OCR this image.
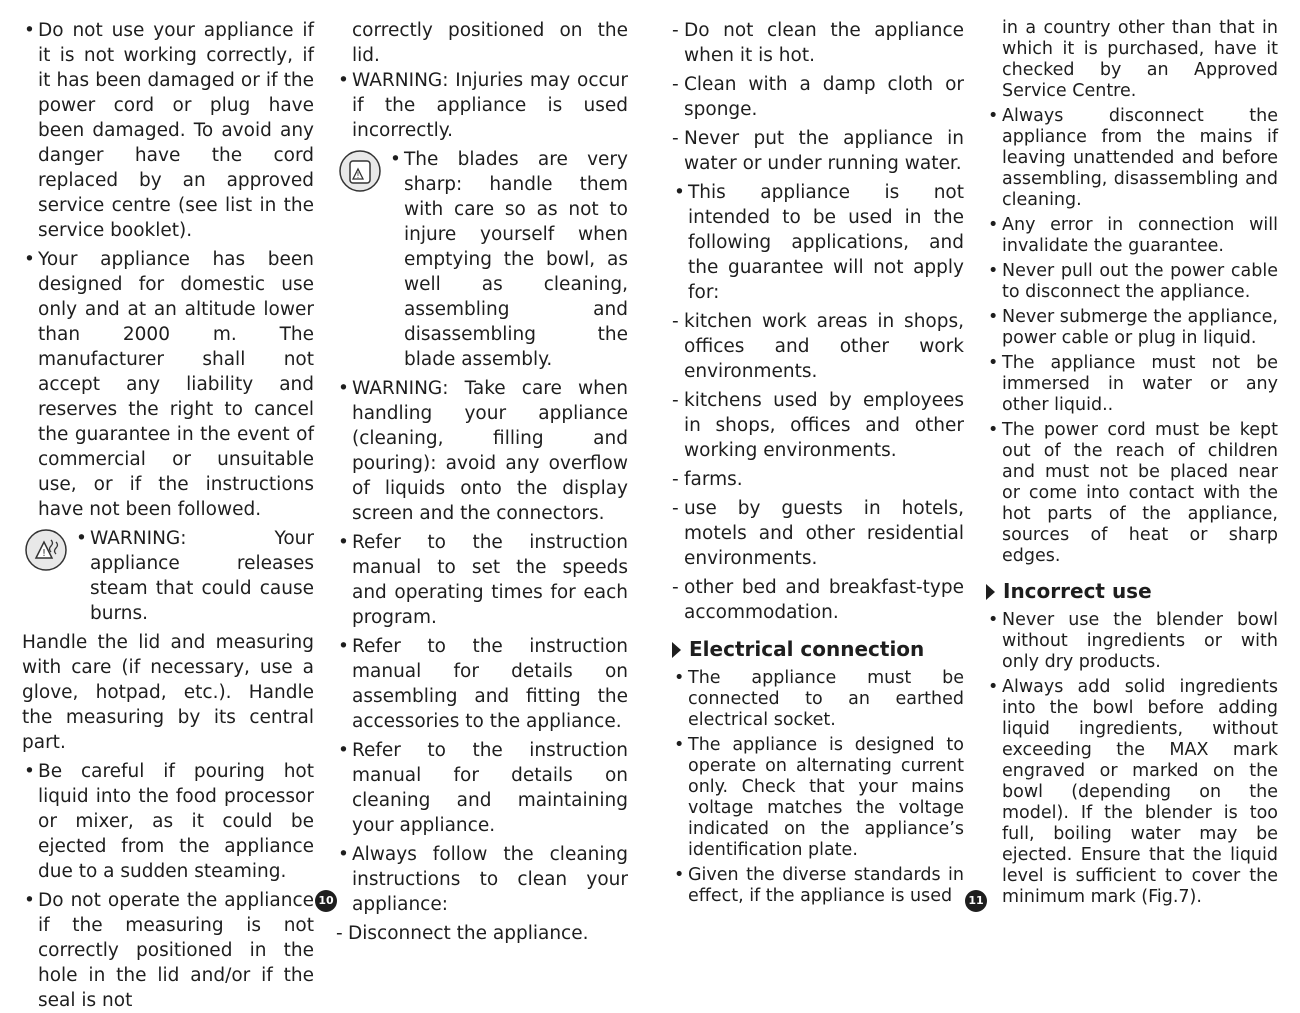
• Do not use your appliance if it is not working correctly, if it has been damaged or if the power cord or plug have been damaged. To avoid any danger have the cord replaced by an approved service centre (see list in the service booklet).

• Your appliance has been designed for domestic use only and at an altitude lower than 2000 m. The manufacturer shall not accept any liability and reserves the right to cancel the guarantee in the event of commercial or unsuitable use, or if the instructions have not been followed.

!

• WARNING: Your appliance releases steam that could cause burns.

Handle the lid and measuring with care (if necessary, use a glove, hotpad, etc.). Handle the measuring by its central part.

• Be careful if pouring hot liquid into the food processor or mixer, as it could be ejected from the appliance due to a sudden steaming.

• Do not operate the appliance if the measuring is not correctly positioned in the hole in the lid and/or if the seal is not

correctly positioned on the lid.

• WARNING: Injuries may occur if the appliance is used incorrectly.

!

• The blades are very sharp: handle them with care so as not to injure yourself when emptying the bowl, as well as cleaning, assembling and disassembling the blade assembly.

• WARNING: Take care when handling your appliance (cleaning, filling and pouring): avoid any overflow of liquids onto the display screen and the connectors.

• Refer to the instruction manual to set the speeds and operating times for each program.

• Refer to the instruction manual for details on assembling and fitting the accessories to the appliance.

• Refer to the instruction manual for details on cleaning and maintaining your appliance.

• Always follow the cleaning instructions to clean your appliance:

- Disconnect the appliance.

10

- Do not clean the appliance when it is hot.

- Clean with a damp cloth or sponge.

- Never put the appliance in water or under running water.

• This appliance is not intended to be used in the following applications, and the guarantee will not apply for:

- kitchen work areas in shops, offices and other work environments.

- kitchens used by employees in shops, offices and other working environments.

- farms.

- use by guests in hotels, motels and other residential environments.

- other bed and breakfast-type accommodation.

Electrical connection

• The appliance must be connected to an earthed electrical socket.

• The appliance is designed to operate on alternating current only. Check that your mains voltage matches the voltage indicated on the appliance’s identification plate.

• Given the diverse standards in effect, if the appliance is used

in a country other than that in which it is purchased, have it checked by an Approved Service Centre.

• Always disconnect the appliance from the mains if leaving unattended and before assembling, disassembling and cleaning.

• Any error in connection will invalidate the guarantee.

• Never pull out the power cable to disconnect the appliance.

• Never submerge the appliance, power cable or plug in liquid.

• The appliance must not be immersed in water or any other liquid..

• The power cord must be kept out of the reach of children and must not be placed near or come into contact with the hot parts of the appliance, sources of heat or sharp edges.

Incorrect use

• Never use the blender bowl without ingredients or with only dry products.

• Always add solid ingredients into the bowl before adding liquid ingredients, without exceeding the MAX mark engraved or marked on the bowl (depending on the model). If the blender is too full, boiling water may be ejected. Ensure that the liquid level is sufficient to cover the minimum mark (Fig.7).

11
